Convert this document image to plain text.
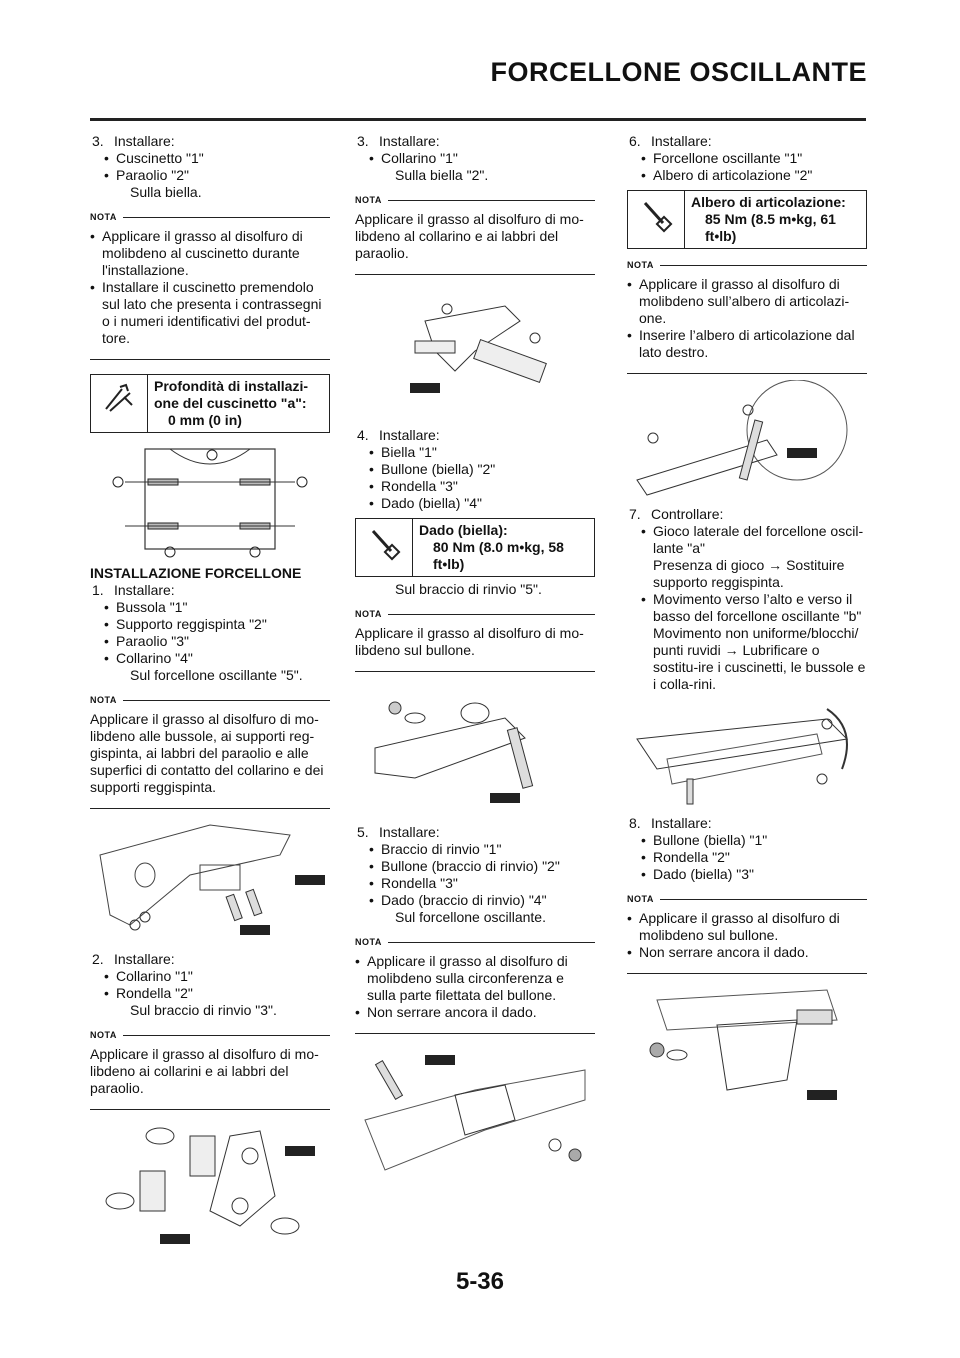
FORCELLONE OSCILLANTE
3. Installare:
• Cuscinetto "1"
• Paraolio "2"
Sulla biella.
NOTA
• Applicare il grasso al disolfuro di molibdeno al cuscinetto durante l'installazione.
• Installare il cuscinetto premendolo sul lato che presenta i contrassegni o i numeri identificativi del produt-tore.
Profondità di installazi-
one del cuscinetto "a":
0 mm (0 in)
INSTALLAZIONE FORCELLONE
1. Installare:
• Bussola "1"
• Supporto reggispinta "2"
• Paraolio "3"
• Collarino "4"
Sul forcellone oscillante "5".
NOTA
Applicare il grasso al disolfuro di mo-libdeno alle bussole, ai supporti reg-gispinta, ai labbri del paraolio e alle superfici di contatto del collarino e dei supporti reggispinta.
2. Installare:
• Collarino "1"
• Rondella "2"
Sul braccio di rinvio "3".
NOTA
Applicare il grasso al disolfuro di mo-libdeno ai collarini e ai labbri del paraolio.
3. Installare:
• Collarino "1"
Sulla biella "2".
NOTA
Applicare il grasso al disolfuro di mo-libdeno al collarino e ai labbri del paraolio.
4. Installare:
• Biella "1"
• Bullone (biella) "2"
• Rondella "3"
• Dado (biella) "4"
Dado (biella):
80 Nm (8.0 m•kg, 58
ft•lb)
Sul braccio di rinvio "5".
NOTA
Applicare il grasso al disolfuro di mo-libdeno sul bullone.
5. Installare:
• Braccio di rinvio "1"
• Bullone (braccio di rinvio) "2"
• Rondella "3"
• Dado (braccio di rinvio) "4"
Sul forcellone oscillante.
NOTA
• Applicare il grasso al disolfuro di molibdeno sulla circonferenza e sulla parte filettata del bullone.
• Non serrare ancora il dado.
6. Installare:
• Forcellone oscillante "1"
• Albero di articolazione "2"
Albero di articolazione:
85 Nm (8.5 m•kg, 61
ft•lb)
NOTA
• Applicare il grasso al disolfuro di molibdeno sull’albero di articolazi-one.
• Inserire l’albero di articolazione dal lato destro.
7. Controllare:
• Gioco laterale del forcellone oscil-lante "a"
Presenza di gioco → Sostituire supporto reggispinta.
• Movimento verso l’alto e verso il basso del forcellone oscillante "b"
Movimento non uniforme/blocchi/ punti ruvidi → Lubrificare o sostitu-ire i cuscinetti, le bussole e i colla-rini.
8. Installare:
• Bullone (biella) "1"
• Rondella "2"
• Dado (biella) "3"
NOTA
• Applicare il grasso al disolfuro di molibdeno sul bullone.
• Non serrare ancora il dado.
5-36
